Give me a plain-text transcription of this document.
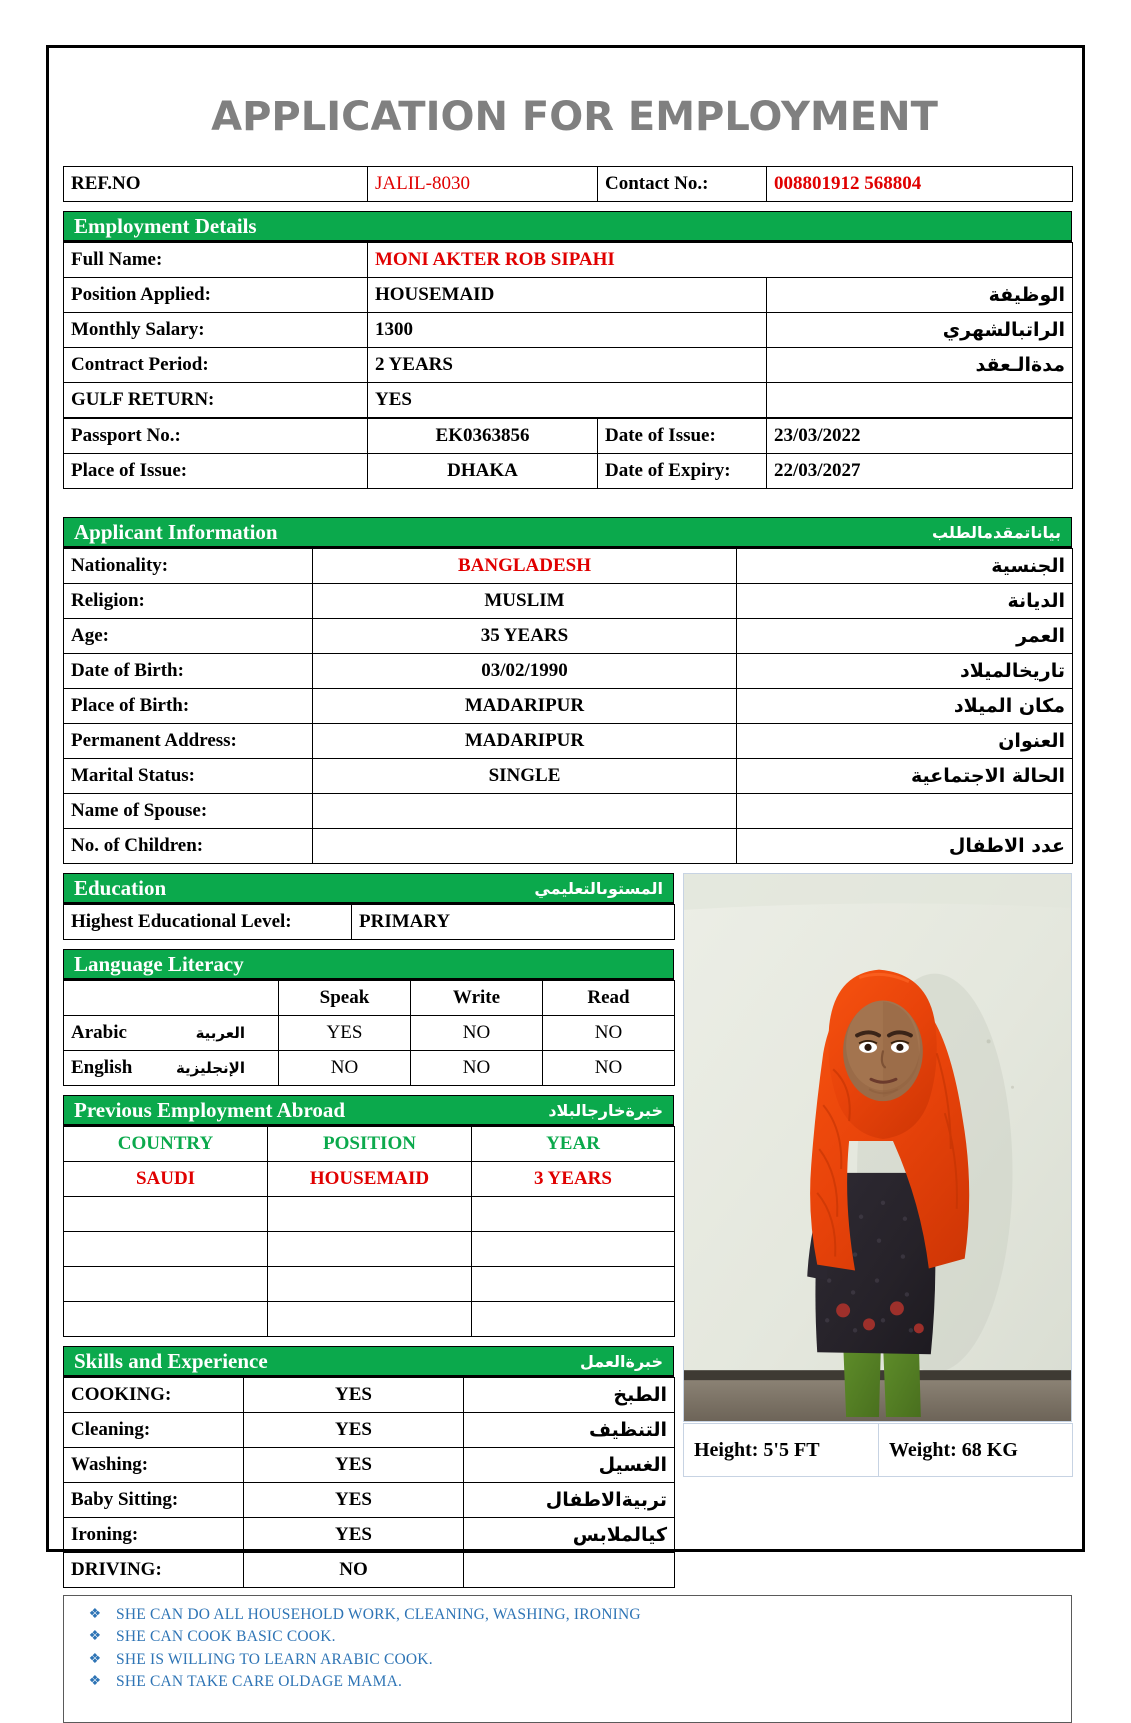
APPLICATION FOR EMPLOYMENT
REF.NO	JALIL-8030	Contact No.:	008801912 568804
Employment Details
Full Name:	MONI AKTER ROB SIPAHI	
Position Applied:	HOUSEMAID	الوظيفة
Monthly Salary:	1300	الراتبالشهري
Contract Period:	2 YEARS	مدةالـعقد
GULF RETURN:	YES	
Passport No.:	EK0363856	Date of Issue:	23/03/2022
Place of Issue:	DHAKA	Date of Expiry:	22/03/2027
Applicant Information	بياناتمقدمالطلب
Nationality:	BANGLADESH	الجنسية
Religion:	MUSLIM	الديانة
Age:	35 YEARS	العمر
Date of Birth:	03/02/1990	تاريخالميلاد
Place of Birth:	MADARIPUR	مكان الميلاد
Permanent Address:	MADARIPUR	العنوان
Marital Status:	SINGLE	الحالة الاجتماعية
Name of Spouse:		
No. of Children:		عدد الاطفال
Education	المستوىالتعليمي
Highest Educational Level:	PRIMARY
Language Literacy
	Speak	Write	Read

Arabic العربية	YES	NO	NO

English الإنجليزية	NO	NO	NO
Previous Employment Abroad	خبرةخارجالبلاد
COUNTRY	POSITION	YEAR
SAUDI	HOUSEMAID	3 YEARS

Skills and Experience	خبرةالعمل
COOKING:	YES	الطبخ
Cleaning:	YES	التنظيف
Washing:	YES	الغسيل
Baby Sitting:	YES	تربيةالاطفال
Ironing:	YES	كيالملابس
DRIVING:	NO	
Height: 5'5 FT	Weight: 68 KG
❖ SHE CAN DO ALL HOUSEHOLD WORK, CLEANING, WASHING, IRONING
❖ SHE CAN COOK BASIC COOK.
❖ SHE IS WILLING TO LEARN ARABIC COOK.
❖ SHE CAN TAKE CARE OLDAGE MAMA.
